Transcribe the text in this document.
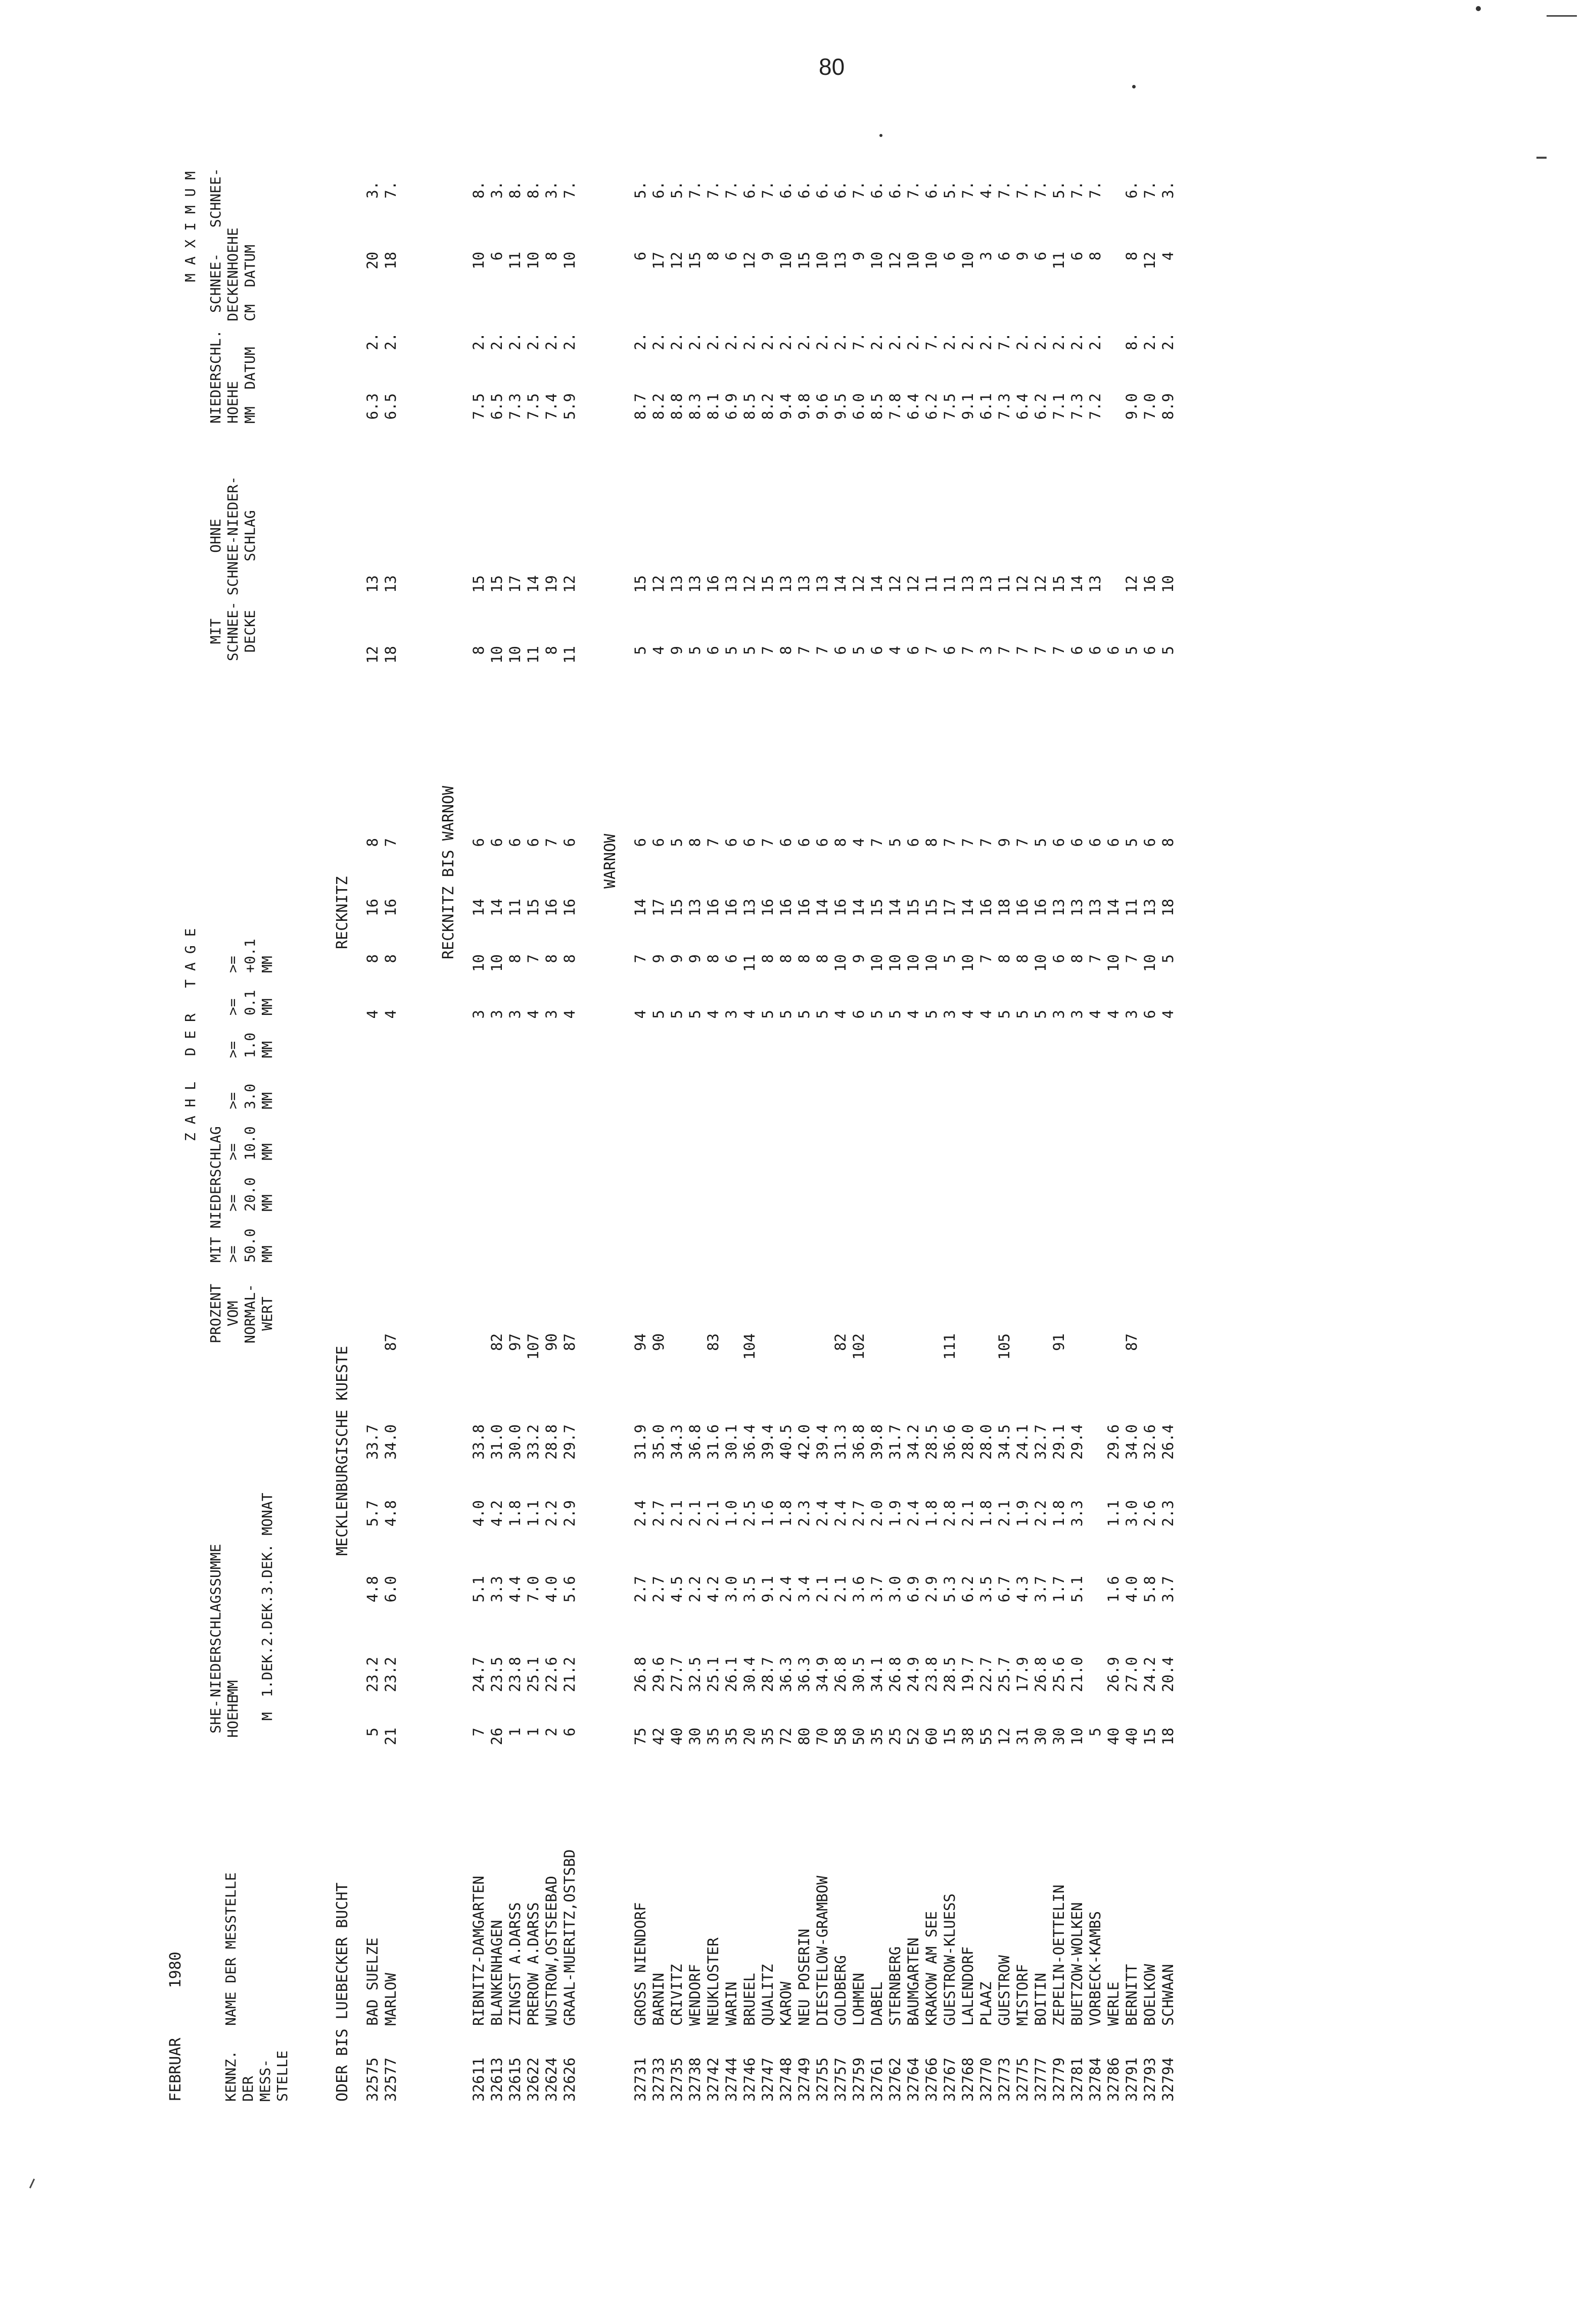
80
FEBRUAR 1980
KENNZ.
DER
MESS-
STELLE
NAME DER MESSTELLE
SHE-
HOEHE

M
NIEDERSCHLAGSSUMME
MM

1.DEK.2.DEK.3.DEK. MONAT
PROZENT
VOM
NORMAL-
WERT
Z A H L   D E R   T A G E
MIT NIEDERSCHLAG >=    >=    >=    >=    >=   >=   >=
50.0  20.0  10.0  3.0   1.0  0.1  +0.1
MM    MM    MM    MM    MM   MM   MM
MIT
SCHNEE-
DECKE
OHNE
SCHNEE-NIEDER-
SCHLAG
M A X I M U M
NIEDERSCHL.  SCHNEE-   SCHNEE-
HOEHE       DECKENHOEHE
MM  DATUM   CM  DATUM
ODER BIS LUEBECKER BUCHT
MECKLENBURGISCHE KUESTE
RECKNITZ	RECKNITZ BIS WARNOW	WARNOW
32575
BAD SUELZE
5
23.2
4.8
5.7
33.7
4
8
16
8
12
13
6.3
2.
20
3.
32577
MARLOW
21
23.2
6.0
4.8
34.0
87
4
8
16
7
18
13
6.5
2.
18
7.
32611
RIBNITZ-DAMGARTEN
7
24.7
5.1
4.0
33.8
3
10
14
6
8
15
7.5
2.
10
8.
32613
BLANKENHAGEN
26
23.5
3.3
4.2
31.0
82
3
10
14
6
10
15
6.5
2.
6
3.
32615
ZINGST A.DARSS
1
23.8
4.4
1.8
30.0
97
3
8
11
6
10
17
7.3
2.
11
8.
32622
PREROW A.DARSS
1
25.1
7.0
1.1
33.2
107
4
7
15
6
11
14
7.5
2.
10
8.
32624
WUSTROW,OSTSEEBAD
2
22.6
4.0
2.2
28.8
90
3
8
16
7
8
19
7.4
2.
8
3.
32626
GRAAL-MUERITZ,OSTSBD
6
21.2
5.6
2.9
29.7
87
4
8
16
6
11
12
5.9
2.
10
7.
32731
GROSS NIENDORF
75
26.8
2.7
2.4
31.9
94
4
7
14
6
5
15
8.7
2.
6
5.
32733
BARNIN
42
29.6
2.7
2.7
35.0
90
5
9
17
6
4
12
8.2
2.
17
6.
32735
CRIVITZ
40
27.7
4.5
2.1
34.3
5
9
15
5
9
13
8.8
2.
12
5.
32738
WENDORF
30
32.5
2.2
2.1
36.8
5
9
13
8
5
13
8.3
2.
15
7.
32742
NEUKLOSTER
35
25.1
4.2
2.1
31.6
83
4
8
16
7
6
16
8.1
2.
8
7.
32744
WARIN
35
26.1
3.0
1.0
30.1
3
6
16
6
5
13
6.9
2.
6
7.
32746
BRUEEL
20
30.4
3.5
2.5
36.4
104
4
11
13
6
5
12
8.5
2.
12
6.
32747
QUALITZ
35
28.7
9.1
1.6
39.4
5
8
16
7
7
15
8.2
2.
9
7.
32748
KAROW
72
36.3
2.4
1.8
40.5
5
8
16
6
8
13
9.4
2.
10
6.
32749
NEU POSERIN
80
36.3
3.4
2.3
42.0
5
8
16
6
7
13
9.8
2.
15
6.
32755
DIESTELOW-GRAMBOW
70
34.9
2.1
2.4
39.4
5
8
14
6
7
13
9.6
2.
10
6.
32757
GOLDBERG
58
26.8
2.1
2.4
31.3
82
4
10
16
8
6
14
9.5
2.
13
6.
32759
LOHMEN
50
30.5
3.6
2.7
36.8
102
6
9
14
4
5
12
6.0
7.
9
7.
32761
DABEL
35
34.1
3.7
2.0
39.8
5
10
15
7
6
14
8.5
2.
10
6.
32762
STERNBERG
25
26.8
3.0
1.9
31.7
5
10
14
5
4
12
7.8
2.
12
6.
32764
BAUMGARTEN
52
24.9
6.9
2.4
34.2
4
10
15
6
6
12
6.4
2.
10
7.
32766
KRAKOW AM SEE
60
23.8
2.9
1.8
28.5
5
10
15
8
7
11
6.2
7.
10
6.
32767
GUESTROW-KLUESS
15
28.5
5.3
2.8
36.6
111
3
5
17
7
6
11
7.5
2.
6
5.
32768
LALENDORF
38
19.7
6.2
2.1
28.0
4
10
14
7
7
13
9.1
2.
10
7.
32770
PLAAZ
55
22.7
3.5
1.8
28.0
4
7
16
7
3
13
6.1
2.
3
4.
32773
GUESTROW
12
25.7
6.7
2.1
34.5
105
5
8
18
9
7
11
7.3
7.
6
7.
32775
MISTORF
31
17.9
4.3
1.9
24.1
5
8
16
7
7
12
6.4
2.
9
7.
32777
BOITIN
30
26.8
3.7
2.2
32.7
5
10
16
5
7
12
6.2
2.
6
7.
32779
ZEPELIN-OETTELIN
30
25.6
1.7
1.8
29.1
91
3
6
13
6
7
15
7.1
2.
11
5.
32781
BUETZOW-WOLKEN
10
21.0
5.1
3.3
29.4
3
8
13
6
6
14
7.3
2.
6
7.
32784
VORBECK-KAMBS
5
4
7
13
6
6
13
7.2
2.
8
7.
32786
WERLE
40
26.9
1.6
1.1
29.6
4
10
14
6
6
32791
BERNITT
40
27.0
4.0
3.0
34.0
87
3
7
11
5
5
12
9.0
8.
8
6.
32793
BOELKOW
15
24.2
5.8
2.6
32.6
6
10
13
6
6
16
7.0
2.
12
7.
32794
SCHWAAN
18
20.4
3.7
2.3
26.4
4
5
18
8
5
10
8.9
2.
4
3.
